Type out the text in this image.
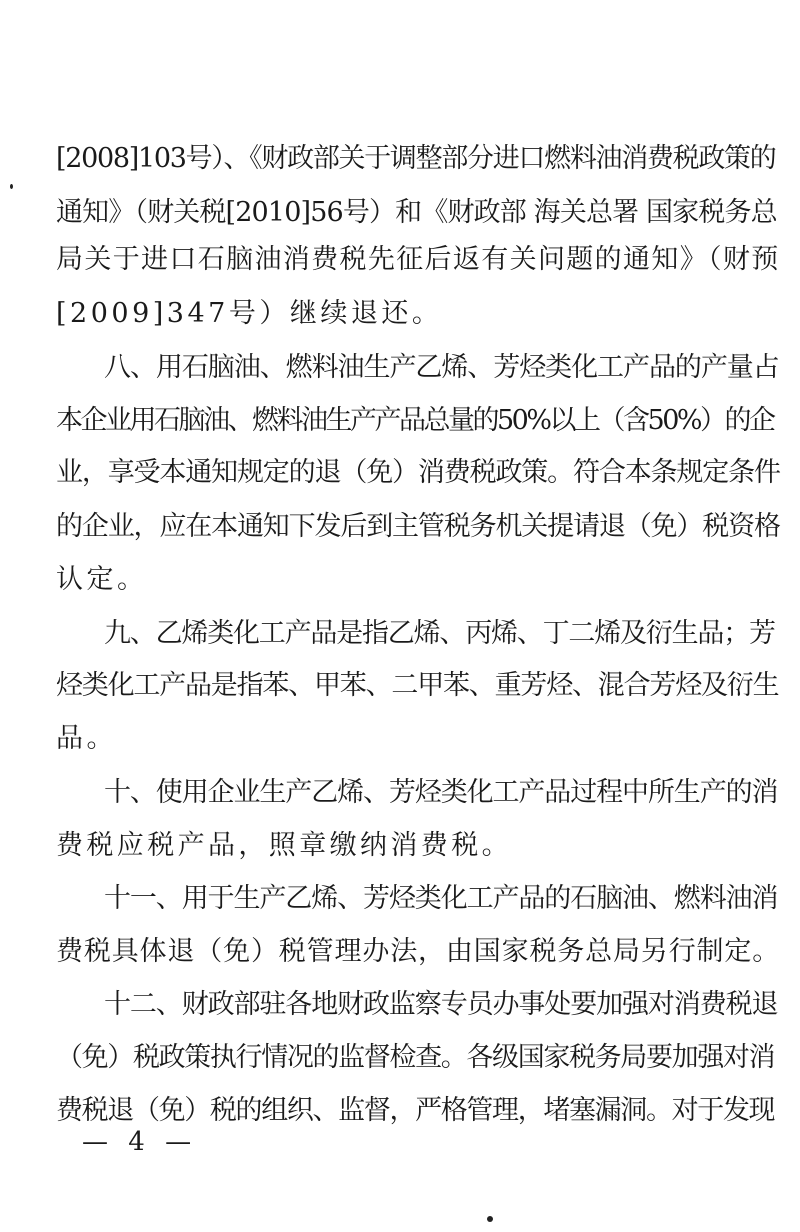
[2008]103号）、《财政部关于调整部分进口燃料油消费税政策的
通知》（财关税[2010]56号）和《财政部 海关总署 国家税务总
局关于进口石脑油消费税先征后返有关问题的通知》（财预
[2009]347号）继续退还。
八、用石脑油、燃料油生产乙烯、芳烃类化工产品的产量占
本企业用石脑油、燃料油生产产品总量的50%以上（含50%）的企
业，享受本通知规定的退（免）消费税政策。符合本条规定条件
的企业，应在本通知下发后到主管税务机关提请退（免）税资格
认定。
九、乙烯类化工产品是指乙烯、丙烯、丁二烯及衍生品；芳
烃类化工产品是指苯、甲苯、二甲苯、重芳烃、混合芳烃及衍生
品。
十、使用企业生产乙烯、芳烃类化工产品过程中所生产的消
费税应税产品，照章缴纳消费税。
十一、用于生产乙烯、芳烃类化工产品的石脑油、燃料油消
费税具体退（免）税管理办法，由国家税务总局另行制定。
十二、财政部驻各地财政监察专员办事处要加强对消费税退
（免）税政策执行情况的监督检查。各级国家税务局要加强对消
费税退（免）税的组织、监督，严格管理，堵塞漏洞。对于发现
— 4 —
